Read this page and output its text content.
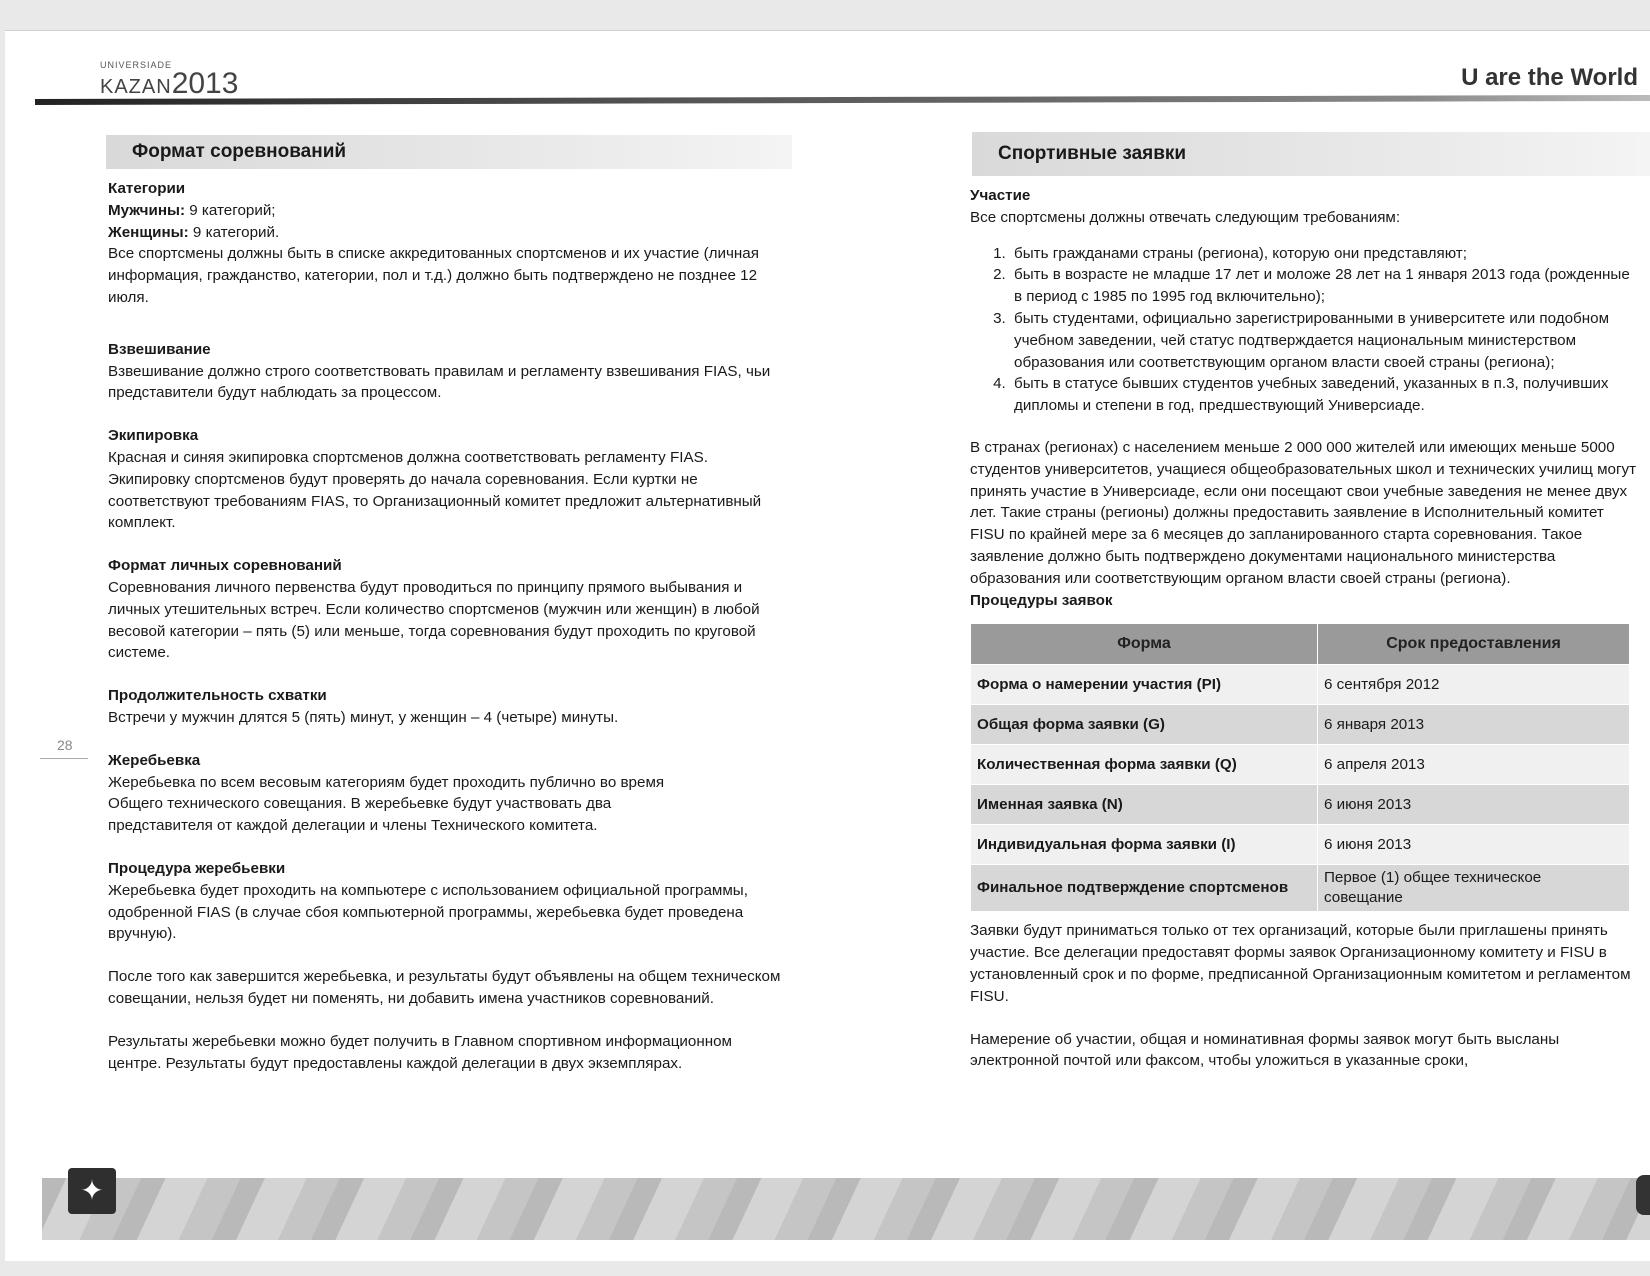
UNIVERSIADE
KAZAN2013	U are the World
Формат соревнований
Категории
Мужчины: 9 категорий;
Женщины: 9 категорий.

Все спортсмены должны быть в списке аккредитованных спортсменов и их участие (личная информация, гражданство, категории, пол и т.д.) должно быть подтверждено не позднее 12 июля.

Взвешивание

Взвешивание должно строго соответствовать правилам и регламенту взвешивания FIAS, чьи представители будут наблюдать за процессом.

Экипировка

Красная и синяя экипировка спортсменов должна соответствовать регламенту FIAS. Экипировку спортсменов будут проверять до начала соревнования. Если куртки не соответствуют требованиям FIAS, то Организационный комитет предложит альтернативный комплект.

Формат личных соревнований

Соревнования личного первенства будут проводиться по принципу прямого выбывания и личных утешительных встреч. Если количество спортсменов (мужчин или женщин) в любой весовой категории – пять (5) или меньше, тогда соревнования будут проходить по круговой системе.

Продолжительность схватки

Встречи у мужчин длятся 5 (пять) минут, у женщин – 4 (четыре) минуты.

Жеребьевка

Жеребьевка по всем весовым категориям будет проходить публично во время Общего технического совещания. В жеребьевке будут участвовать два представителя от каждой делегации и члены Технического комитета.

Процедура жеребьевки

Жеребьевка будет проходить на компьютере с использованием официальной программы, одобренной FIAS (в случае сбоя компьютерной программы, жеребьевка будет проведена вручную).

После того как завершится жеребьевка, и результаты будут объявлены на общем техническом совещании, нельзя будет ни поменять, ни добавить имена участников соревнований.

Результаты жеребьевки можно будет получить в Главном спортивном информационном центре. Результаты будут предоставлены каждой делегации в двух экземплярах.

28
Спортивные заявки
Участие

Все спортсмены должны отвечать следующим требованиям:

1. быть гражданами страны (региона), которую они представляют;
2. быть в возрасте не младше 17 лет и моложе 28 лет на 1 января 2013 года (рожденные в период с 1985 по 1995 год включительно);
3. быть студентами, официально зарегистрированными в университете или подобном учебном заведении, чей статус подтверждается национальным министерством образования или соответствующим органом власти своей страны (региона);
4. быть в статусе бывших студентов учебных заведений, указанных в п.3, получивших дипломы и степени в год, предшествующий Универсиаде.

В странах (регионах) с населением меньше 2 000 000 жителей или имеющих меньше 5000 студентов университетов, учащиеся общеобразовательных школ и технических училищ могут принять участие в Универсиаде, если они посещают свои учебные заведения не менее двух лет. Такие страны (регионы) должны предоставить заявление в Исполнительный комитет FISU по крайней мере за 6 месяцев до запланированного старта соревнования. Такое заявление должно быть подтверждено документами национального министерства образования или соответствующим органом власти своей страны (региона).

Процедуры заявок
Форма	Срок предоставления
Форма о намерении участия (PI)	6 сентября 2012
Общая форма заявки (G)	6 января 2013
Количественная форма заявки (Q)	6 апреля 2013
Именная заявка (N)	6 июня 2013
Индивидуальная форма заявки (I)	6 июня 2013
Финальное подтверждение спортсменов	Первое (1) общее техническое совещание

Заявки будут приниматься только от тех организаций, которые были приглашены принять участие. Все делегации предоставят формы заявок Организационному комитету и FISU в установленный срок и по форме, предписанной Организационным комитетом и регламентом FISU.

Намерение об участии, общая и номинативная формы заявок могут быть высланы электронной почтой или факсом, чтобы уложиться в указанные сроки,

✦
